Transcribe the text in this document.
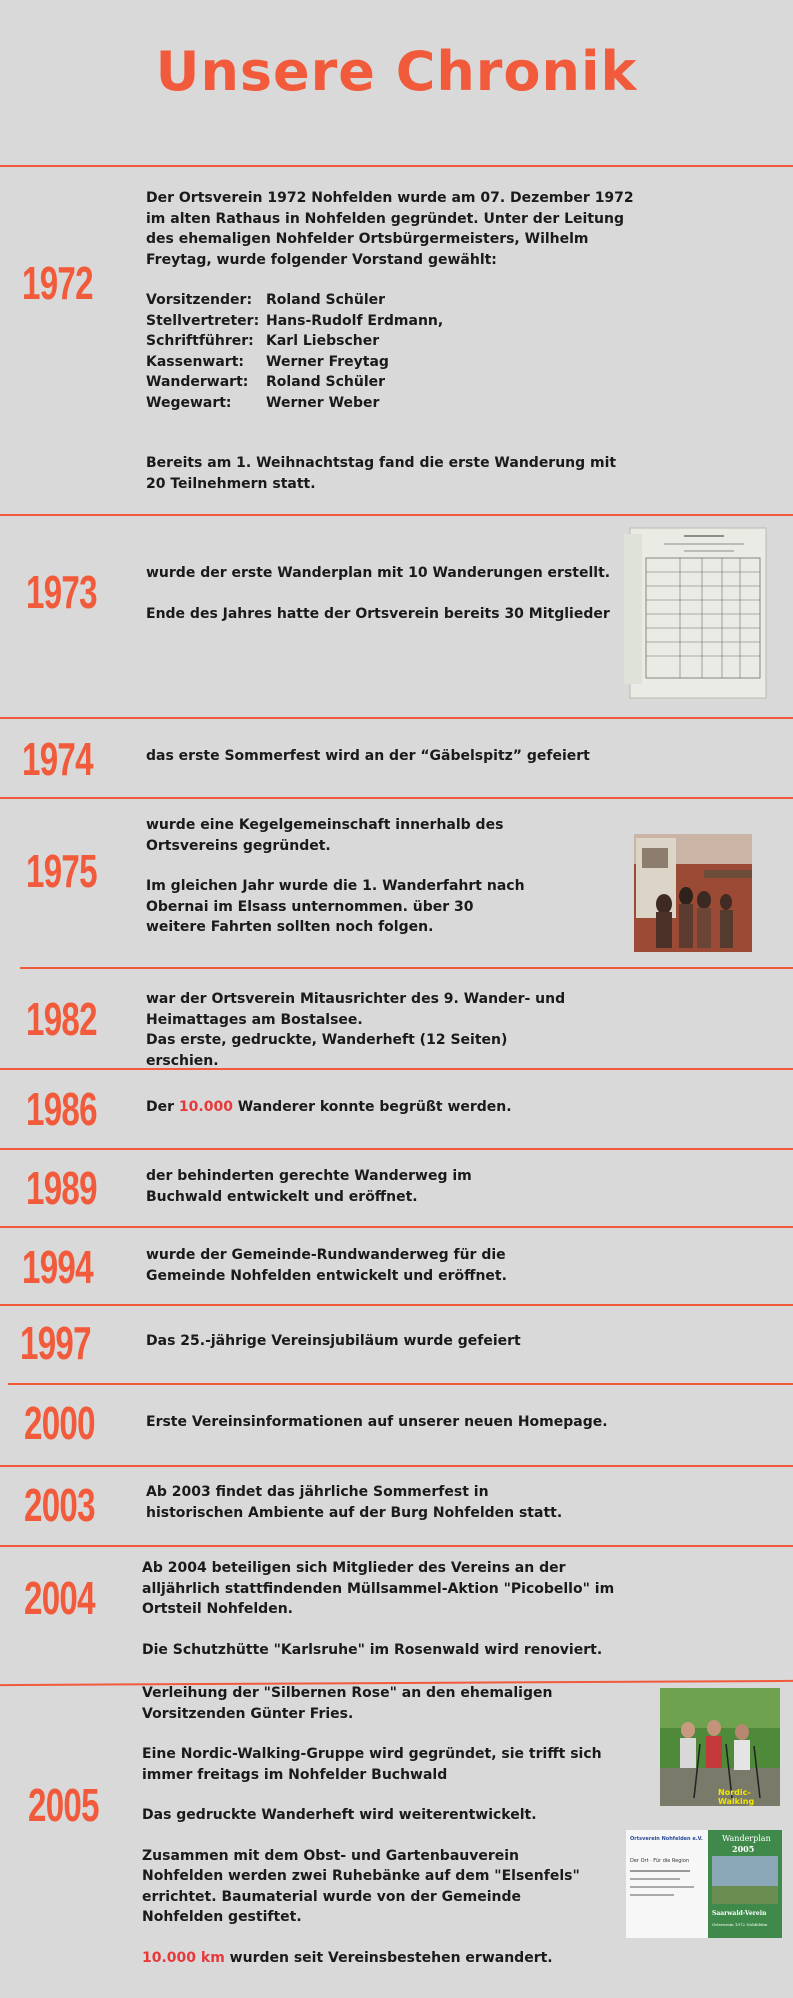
Unsere Chronik
1972

Der Ortsverein 1972 Nohfelden wurde am 07. Dezember 1972 im alten Rathaus in Nohfelden gegründet. Unter der Leitung des ehemaligen Nohfelder Ortsbürgermeisters, Wilhelm Freytag, wurde folgender Vorstand gewählt:

Vorsitzender:	Roland Schüler
Stellvertreter:	Hans-Rudolf Erdmann,
Schriftführer:	Karl Liebscher
Kassenwart:	Werner Freytag
Wanderwart:	Roland Schüler
Wegewart:	Werner Weber

Bereits am 1. Weihnachtstag fand die erste Wanderung mit 20 Teilnehmern statt.

1973	wurde der erste Wanderplan mit 10 Wanderungen erstellt.

Ende des Jahres hatte der Ortsverein bereits 30 Mitglieder

1974	das erste Sommerfest wird an der “Gäbelspitz” gefeiert
1975

wurde eine Kegelgemeinschaft innerhalb des Ortsvereins gegründet.

Im gleichen Jahr wurde die 1. Wanderfahrt nach Obernai im Elsass unternommen. über 30 weitere Fahrten sollten noch folgen.

1982	war der Ortsverein Mitausrichter des 9. Wander- und Heimattages am Bostalsee.

Das erste, gedruckte, Wanderheft (12 Seiten) erschien.

1986	Der 10.000 Wanderer konnte begrüßt werden.
1989	der behinderten gerechte Wanderweg im Buchwald entwickelt und eröffnet.
1994	wurde der Gemeinde-Rundwanderweg für die Gemeinde Nohfelden entwickelt und eröffnet.
1997	Das 25.-jährige Vereinsjubiläum wurde gefeiert
2000	Erste Vereinsinformationen auf unserer neuen Homepage.
2003	Ab 2003 findet das jährliche Sommerfest in historischen Ambiente auf der Burg Nohfelden statt.
2004

Ab 2004 beteiligen sich Mitglieder des Vereins an der alljährlich stattfindenden Müllsammel-Aktion "Picobello" im Ortsteil Nohfelden.

Die Schutzhütte "Karlsruhe" im Rosenwald wird renoviert.

2005

Verleihung der "Silbernen Rose" an den ehemaligen Vorsitzenden Günter Fries.

Eine Nordic-Walking-Gruppe wird gegründet, sie trifft sich immer freitags im Nohfelder Buchwald

Das gedruckte Wanderheft wird weiterentwickelt.

Zusammen mit dem Obst- und Gartenbauverein Nohfelden werden zwei Ruhebänke auf dem "Elsenfels" errichtet. Baumaterial wurde von der Gemeinde Nohfelden gestiftet.

10.000 km wurden seit Vereinsbestehen erwandert.

Nordic-Walking
Ortsverein Nohfelden e.V.
Der Ort · Für die Region
Wanderplan
2005
Saarwald-Verein
Ortsverein 1972 Nohfelden
